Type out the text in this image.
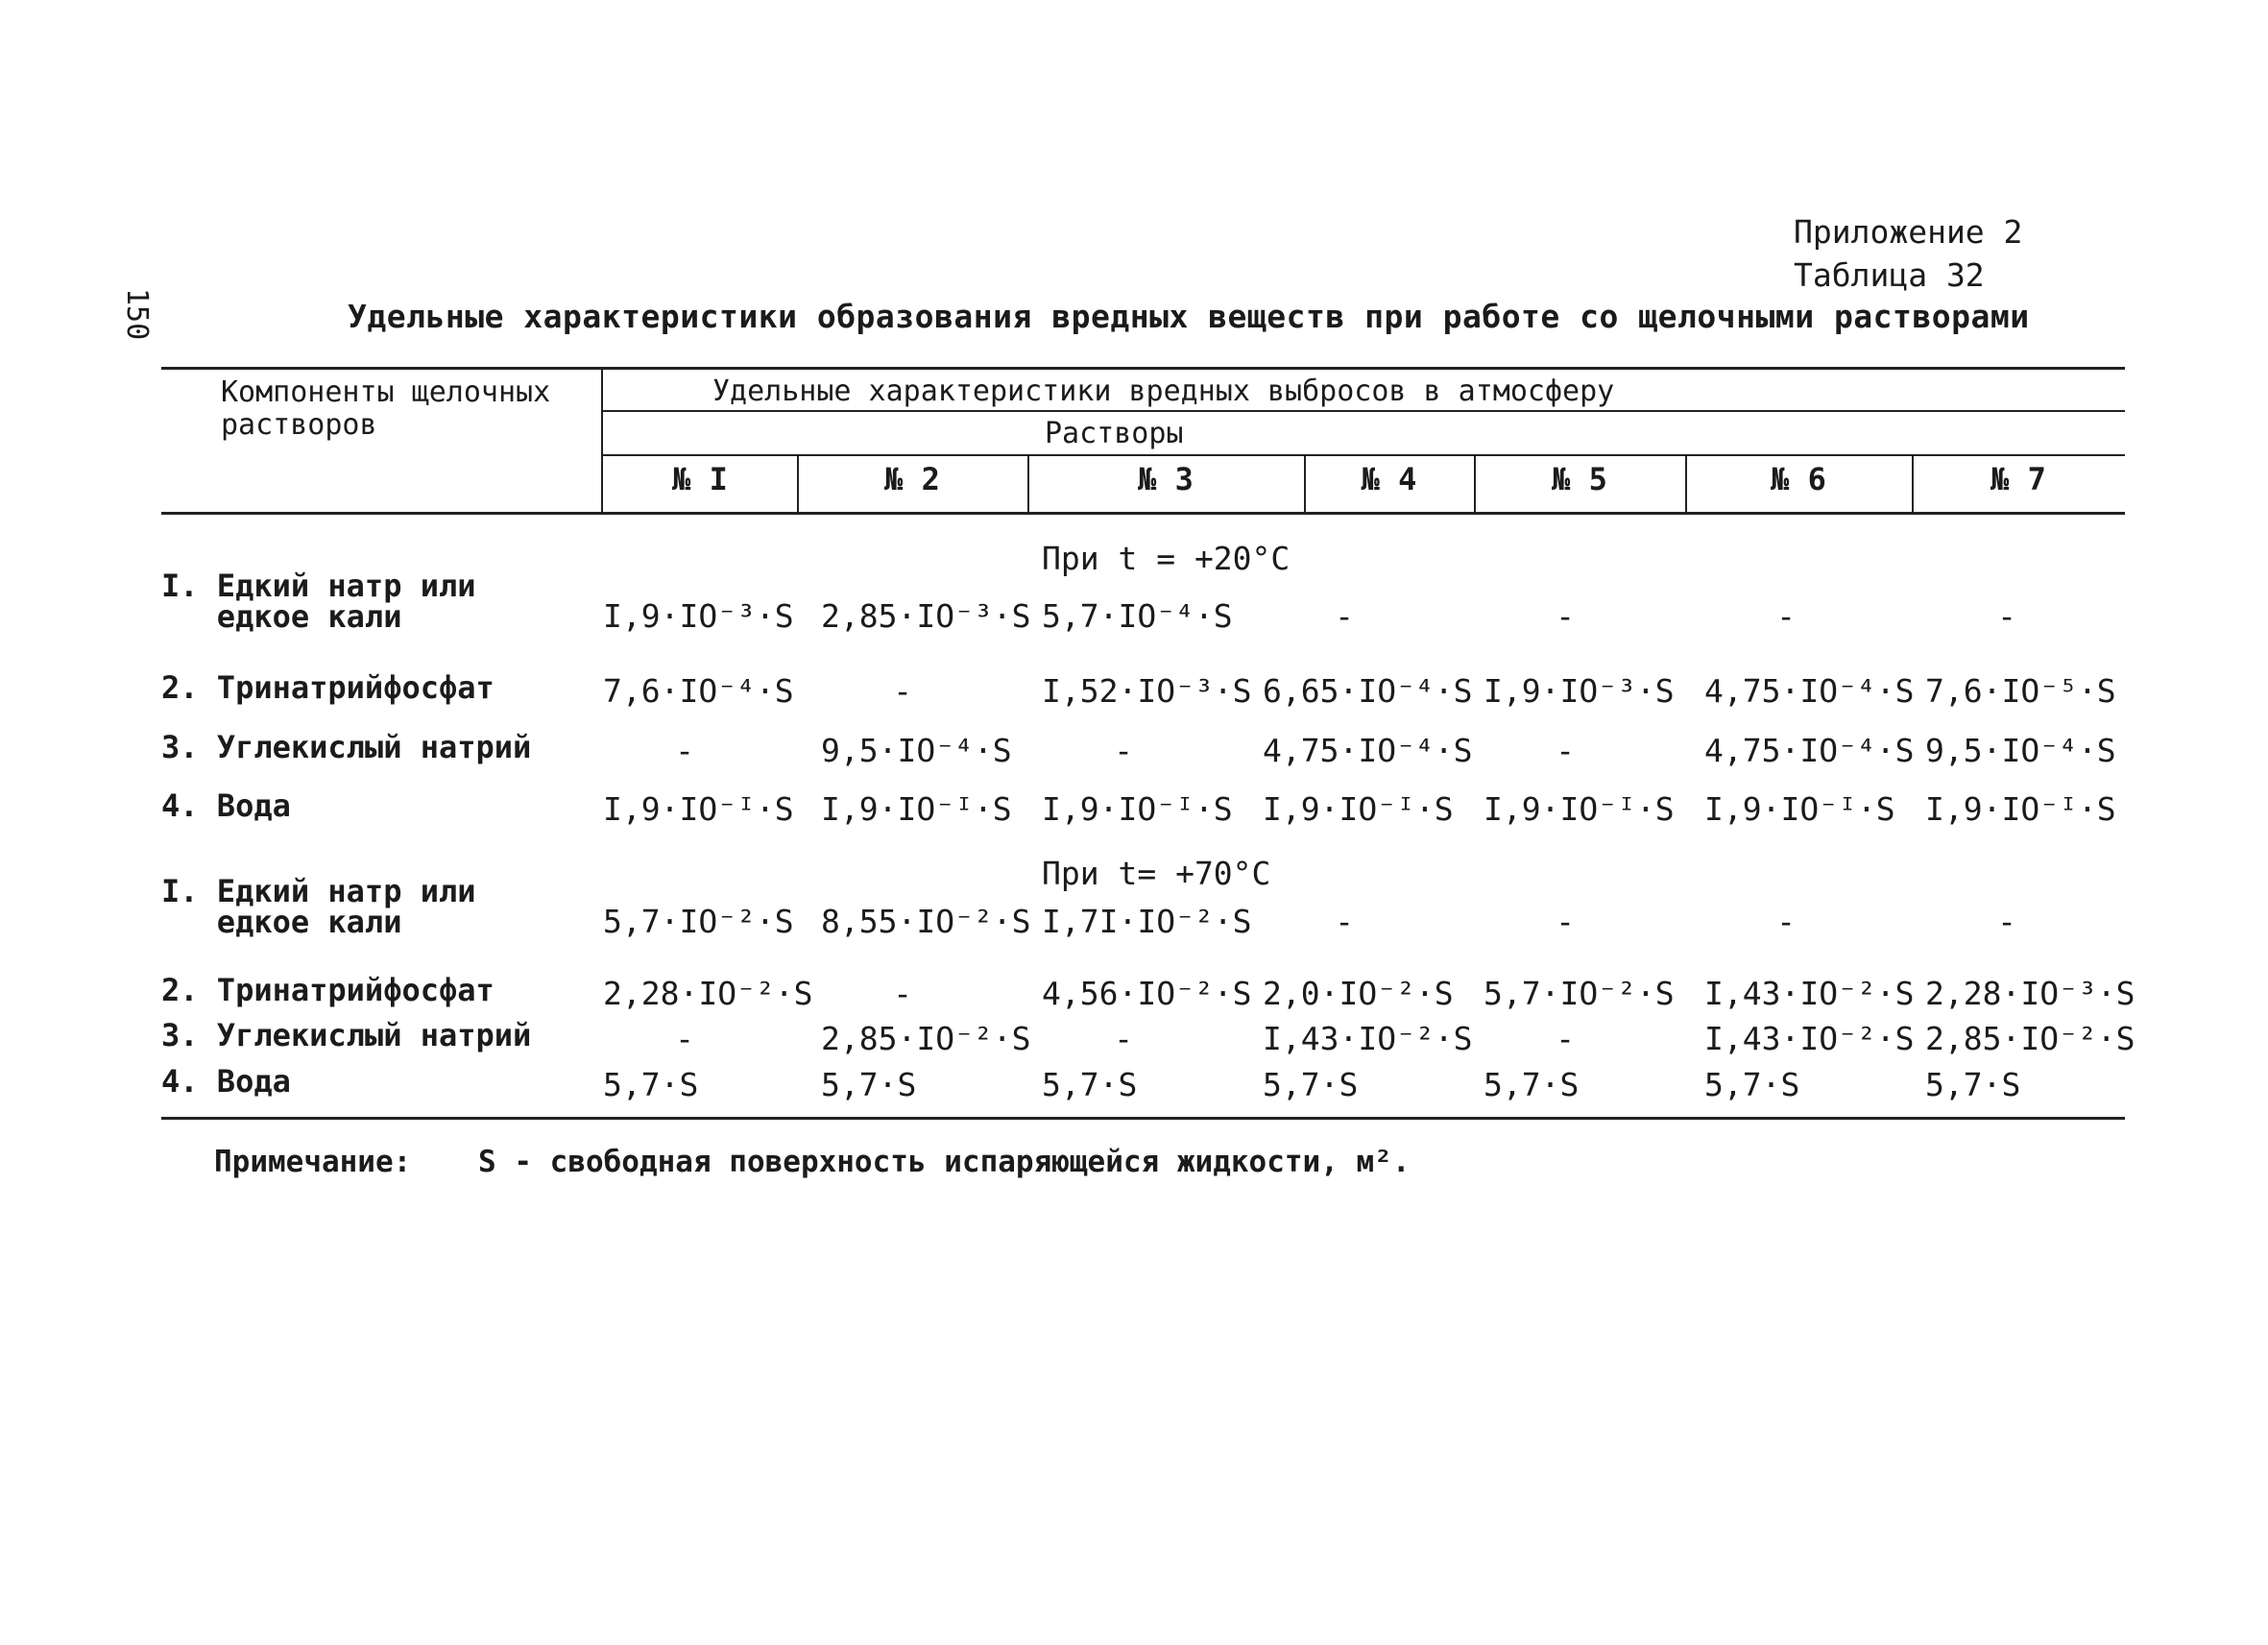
150
Приложение 2
Таблица 32
Удельные характеристики образования вредных веществ при работе со щелочными растворами
Компоненты щелочных растворов
Удельные характеристики вредных выбросов в атмосферу
Растворы
№ I	№ 2	№ 3	№ 4	№ 5	№ 6	№ 7
При t = +20°C
I. Едкий натр или
едкое кали	I,9·IO⁻³·S 2,85·IO⁻³·S 5,7·IO⁻⁴·S	-	-	-	-
2. Тринатрийфосфат	7,6·IO⁻⁴·S	-	I,52·IO⁻³·S 6,65·IO⁻⁴·S I,9·IO⁻³·S 4,75·IO⁻⁴·S 7,6·IO⁻⁵·S
3. Углекислый натрий	-	9,5·IO⁻⁴·S	-	4,75·IO⁻⁴·S	-	4,75·IO⁻⁴·S 9,5·IO⁻⁴·S
4. Вода	I,9·IO⁻ᴵ·S I,9·IO⁻ᴵ·S I,9·IO⁻ᴵ·S I,9·IO⁻ᴵ·S I,9·IO⁻ᴵ·S I,9·IO⁻ᴵ·S I,9·IO⁻ᴵ·S
При t= +70°C
I. Едкий натр или
едкое кали	5,7·IO⁻²·S 8,55·IO⁻²·S I,7I·IO⁻²·S	-	-	-	-
2. Тринатрийфосфат	2,28·IO⁻²·S	-	4,56·IO⁻²·S 2,0·IO⁻²·S 5,7·IO⁻²·S I,43·IO⁻²·S 2,28·IO⁻³·S
3. Углекислый натрий	-	2,85·IO⁻²·S	-	I,43·IO⁻²·S	-	I,43·IO⁻²·S 2,85·IO⁻²·S
4. Вода	5,7·S	5,7·S	5,7·S	5,7·S	5,7·S	5,7·S	5,7·S
Примечание: S - свободная поверхность испаряющейся жидкости, м².
